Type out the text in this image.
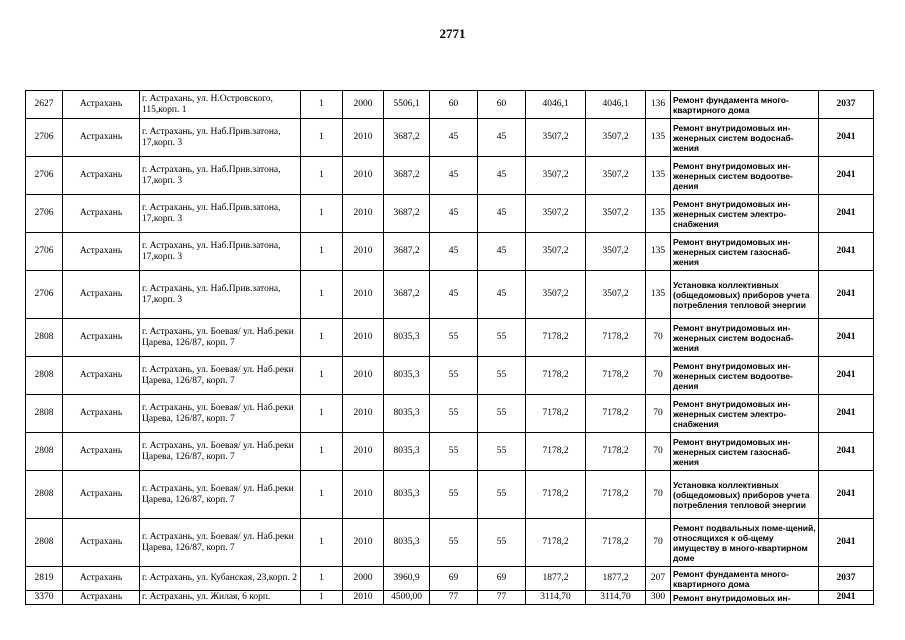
2771
2627	Астрахань	г. Астрахань, ул. Н.Островского, 115,корп. 1	1	2000	5506,1	60	60	4046,1	4046,1	136	Ремонт фундамента много-квартирного дома	2037
2706	Астрахань	г. Астрахань, ул. Наб.Прив.затона, 17,корп. 3	1	2010	3687,2	45	45	3507,2	3507,2	135	Ремонт внутридомовых ин-женерных систем водоснаб-жения	2041
2706	Астрахань	г. Астрахань, ул. Наб.Прив.затона, 17,корп. 3	1	2010	3687,2	45	45	3507,2	3507,2	135	Ремонт внутридомовых ин-женерных систем водоотве-дения	2041
2706	Астрахань	г. Астрахань, ул. Наб.Прив.затона, 17,корп. 3	1	2010	3687,2	45	45	3507,2	3507,2	135	Ремонт внутридомовых ин-женерных систем электро-снабжения	2041
2706	Астрахань	г. Астрахань, ул. Наб.Прив.затона, 17,корп. 3	1	2010	3687,2	45	45	3507,2	3507,2	135	Ремонт внутридомовых ин-женерных систем газоснаб-жения	2041
2706	Астрахань	г. Астрахань, ул. Наб.Прив.затона, 17,корп. 3	1	2010	3687,2	45	45	3507,2	3507,2	135	Установка коллективных (общедомовых) приборов учета потребления тепловой энергии	2041
2808	Астрахань	г. Астрахань, ул. Боевая/ ул. Наб.реки Царева, 126/87, корп. 7	1	2010	8035,3	55	55	7178,2	7178,2	70	Ремонт внутридомовых ин-женерных систем водоснаб-жения	2041
2808	Астрахань	г. Астрахань, ул. Боевая/ ул. Наб.реки Царева, 126/87, корп. 7	1	2010	8035,3	55	55	7178,2	7178,2	70	Ремонт внутридомовых ин-женерных систем водоотве-дения	2041
2808	Астрахань	г. Астрахань, ул. Боевая/ ул. Наб.реки Царева, 126/87, корп. 7	1	2010	8035,3	55	55	7178,2	7178,2	70	Ремонт внутридомовых ин-женерных систем электро-снабжения	2041
2808	Астрахань	г. Астрахань, ул. Боевая/ ул. Наб.реки Царева, 126/87, корп. 7	1	2010	8035,3	55	55	7178,2	7178,2	70	Ремонт внутридомовых ин-женерных систем газоснаб-жения	2041
2808	Астрахань	г. Астрахань, ул. Боевая/ ул. Наб.реки Царева, 126/87, корп. 7	1	2010	8035,3	55	55	7178,2	7178,2	70	Установка коллективных (общедомовых) приборов учета потребления тепловой энергии	2041
2808	Астрахань	г. Астрахань, ул. Боевая/ ул. Наб.реки Царева, 126/87, корп. 7	1	2010	8035,3	55	55	7178,2	7178,2	70	Ремонт подвальных поме-щений, относящихся к об-щему имуществу в много-квартирном доме	2041
2819	Астрахань	г. Астрахань, ул. Кубанская, 23,корп. 2	1	2000	3960,9	69	69	1877,2	1877,2	207	Ремонт фундамента много-квартирного дома	2037
3370	Астрахань	г. Астрахань, ул. Жилая, 6 корп.	1	2010	4500,00	77	77	3114,70	3114,70	300	Ремонт внутридомовых ин-	2041
